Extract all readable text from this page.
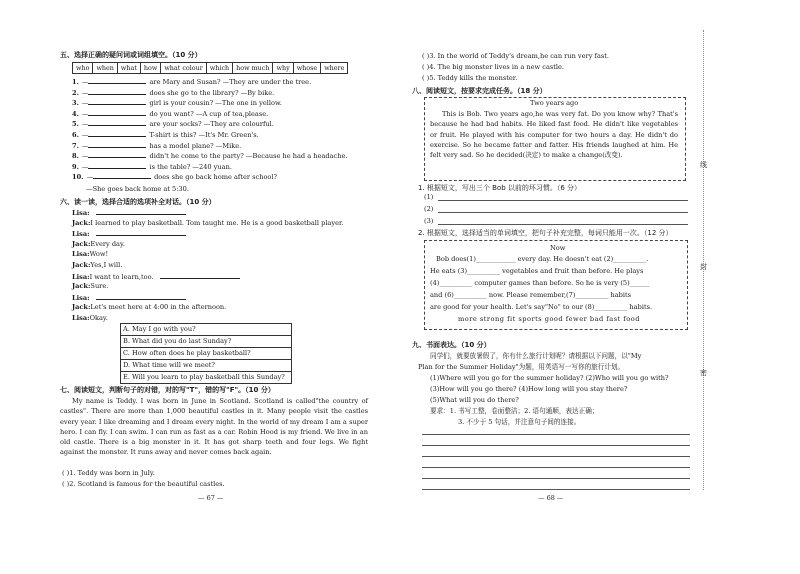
五、选择正确的疑问词或词组填空。（10 分）
who	when	what	how	what colour	which	how much	why	whose	where
—She goes back home at 5:30.
六、读一读，选择合适的选项补全对话。（10 分）
A. May I go with you?
B. What did you do last Sunday?
C. How often does he play basketball?
D. What time will we meet?
E. Will you learn to play basketball this Sunday?
七、阅读短文，判断句子的对错，对的写"T"，错的写"F"。（10 分）
My name is Teddy. I was born in June in Scotland. Scotland is called"the country of castles". There are more than 1,000 beautiful castles in it. Many people visit the castles every year. I like dreaming and I dream every night. In the world of my dream I am a super hero. I can fly. I can swim. I can run as fast as a car. Robin Hood is my friend. We live in an old castle. There is a big monster in it. It has got sharp teeth and four legs. We fight against the monster. It runs away and never comes back again.
( )1. Teddy was born in July.
( )2. Scotland is famous for the beautiful castles.
— 67 —
1. —	are Mary and Susan? —They are under the tree.
2. —	does she go to the library? —By bike.
3. —	girl is your cousin? —The one in yellow.
4. —	do you want? —A cup of tea,please.
5. —	are your socks? —They are colourful.
6. —	T-shirt is this? —It's Mr. Green's.
7. —	has a model plane? —Mike.
8. —	didn't he come to the party? —Because he had a headache.
9. —	is the table? —240 yuan.
10. —	does she go back home after school?
Lisa:
Jack:I learned to play basketball. Tom taught me. He is a good basketball player.
Lisa:
Jack:Every day.
Lisa:Wow!
Jack:Yes,I will.
Lisa:I want to learn,too.
Jack:Sure.
Lisa:
Jack:Let's meet here at 4:00 in the afternoon.
Lisa:Okay.
( )3. In the world of Teddy's dream,he can run very fast.
( )4. The big monster lives in a new castle.
( )5. Teddy kills the monster.
八、阅读短文，按要求完成任务。（18 分）
Two years ago
This is Bob. Two years ago,he was very fat. Do you know why? That's because he had bad habits. He liked fast food. He didn't like vegetables or fruit. He played with his computer for two hours a day. He didn't do exercise. So he became fatter and fatter. His friends laughed at him. He felt very sad. So he decided(决定) to make a change(改变).
1. 根据短文，写出三个 Bob 以前的坏习惯。（6 分）
(1)
(2)
(3)
2. 根据短文，选择适当的单词填空，把句子补充完整，每词只能用一次。（12 分）
Now
Bob does(1)____________ every day. He doesn't eat (2)__________.
He eats (3)__________ vegetables and fruit than before. He plays
(4)__________ computer games than before. So he is very (5)______
and (6)__________ now. Please remember,(7)__________ habits
are good for your health. Let's say"No" to our (8)__________ habits.
more strong fit sports good fewer bad fast food
九、书面表达。（10 分）
同学们，就要放暑假了，你有什么旅行计划呢？请根据以下问题，以"My
Plan for the Summer Holiday"为题，用英语写一写你的旅行计划。
(1)Where will you go for the summer holiday? (2)Who will you go with?
(3)How will you go there? (4)How long will you stay there?
(5)What will you do there?
要求：1. 书写工整，卷面整洁；2. 语句通顺，表达正确；
3. 不少于 5 句话，并注意句子间的连接。
— 68 —
线
封
密
